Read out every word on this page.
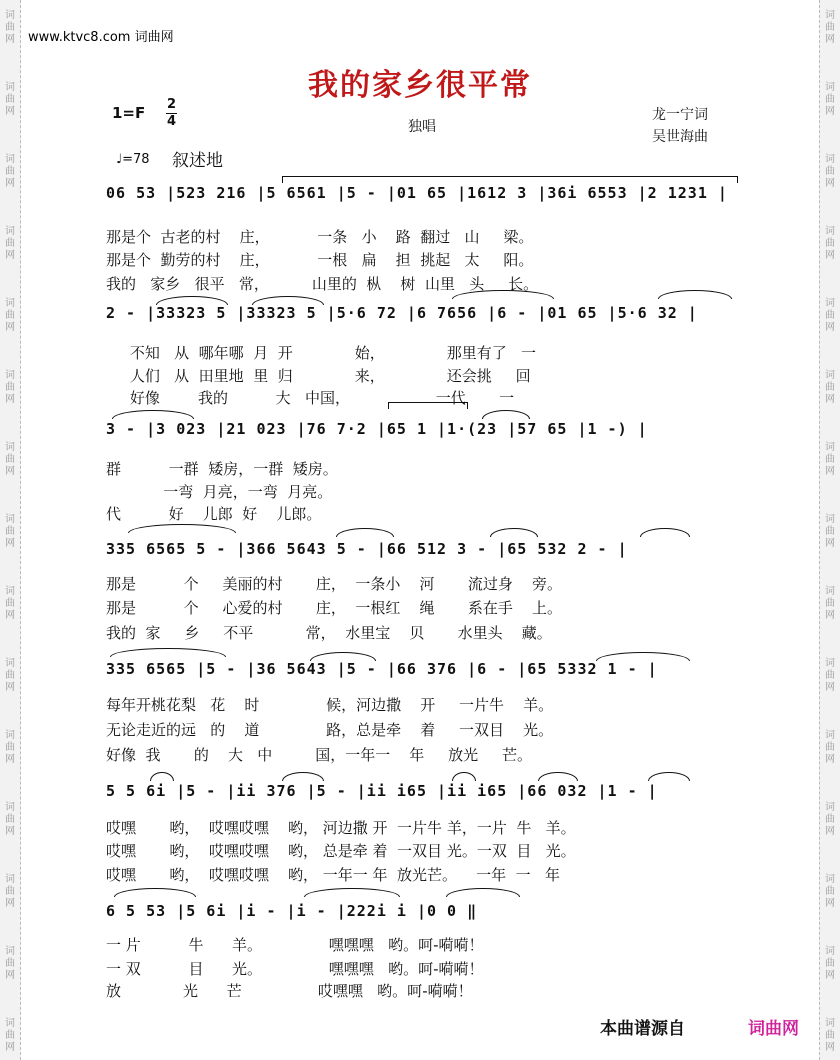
词
曲
网
词
曲
网
词
曲
网
词
曲
网
词
曲
网
词
曲
网
词
曲
网
词
曲
网
词
曲
网
词
曲
网
词
曲
网
词
曲
网
词
曲
网
词
曲
网
词
曲
网
词
曲
网
词
曲
网
词
曲
网
词
曲
网
词
曲
网
词
曲
网
词
曲
网
词
曲
网
词
曲
网
词
曲
网
词
曲
网
词
曲
网
词
曲
网
词
曲
网
词
曲
网
www.ktvc8.com 词曲网
我的家乡很平常
1=F 2
4	独唱
龙一宁词
吴世海曲
♩=78 叙述地
06 53 |523 216 |5 6561 |5 - |01 65 |1612 3 |36i 6553 |2 1231 |
那是个  古老的村    庄，          一条   小    路  翻过   山     梁。
那是个  勤劳的村    庄，          一根   扁    担  挑起   太     阳。
我的   家乡   很平   常，         山里的  枞    树  山里   头     长。
2 - |33323 5 |33323 5 |5·6 72 |6 7656 |6 - |01 65 |5·6 32 |
不知   从  哪年哪  月  开             始，             那里有了   一
人们   从  田里地  里  归             来，             还会挑     回
好像        我的          大   中国，                  一代       一
3 - |3 023 |21 023 |76 7·2 |65 1 |1·(23 |57 65 |1 -) |
群          一群  矮房，一群  矮房。
一弯  月亮，一弯  月亮。
代          好    儿郎  好    儿郎。
335 6565 5 - |366 5643 5 - |66 512 3 - |65 532 2 - |
那是          个     美丽的村       庄，  一条小    河       流过身    旁。
那是          个     心爱的村       庄，  一根红    绳       系在手    上。
我的  家     乡     不平           常，  水里宝    贝       水里头    藏。
335 6565 |5 - |36 5643 |5 - |66 376 |6 - |65 5332 1 - |
每年开桃花梨   花    时              候，河边撒    开     一片牛    羊。
无论走近的远   的    道              路，总是牵    着     一双目    光。
好像  我       的    大   中         国，一年一    年     放光     芒。
5 5 6i |5 - |ii 376 |5 - |ii i65 |ii i65 |66 032 |1 - |
哎嘿       哟，  哎嘿哎嘿    哟， 河边撒 开  一片牛 羊，一片  牛   羊。
哎嘿       哟，  哎嘿哎嘿    哟， 总是牵 着  一双目 光。一双  目   光。
哎嘿       哟，  哎嘿哎嘿    哟， 一年一 年  放光芒。    一年  一   年
6 5 53 |5 6i |i - |i - |222i i |0 0 ‖
一 片          牛      羊。              嘿嘿嘿   哟。呵-嗬嗬！
一 双          目      光。              嘿嘿嘿   哟。呵-嗬嗬！
放             光      芒                哎嘿嘿   哟。呵-嗬嗬！
本曲谱源自	词曲网
